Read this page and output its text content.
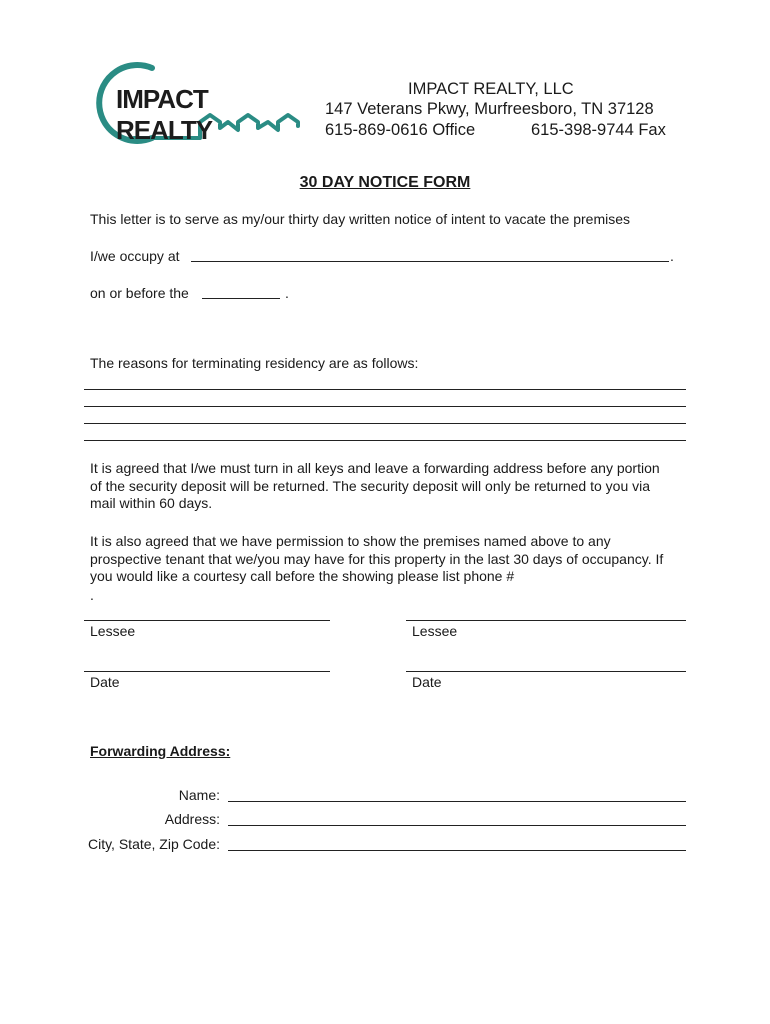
IMPACT REALTY
IMPACT REALTY, LLC
147 Veterans Pkwy, Murfreesboro, TN 37128
615-869-0616 Office	615-398-9744 Fax
30 DAY NOTICE FORM
This letter is to serve as my/our thirty day written notice of intent to vacate the premises
I/we occupy at	.
on or before the	.
The reasons for terminating residency are as follows:
It is agreed that I/we must turn in all keys and leave a forwarding address before any portion of the security deposit will be returned. The security deposit will only be returned to you via mail within 60 days.
It is also agreed that we have permission to show the premises named above to any prospective tenant that we/you may have for this property in the last 30 days of occupancy. If you would like a courtesy call before the showing please list phone #
.
Lessee	Lessee
Date	Date
Forwarding Address:
Name:
Address:
City, State, Zip Code:
